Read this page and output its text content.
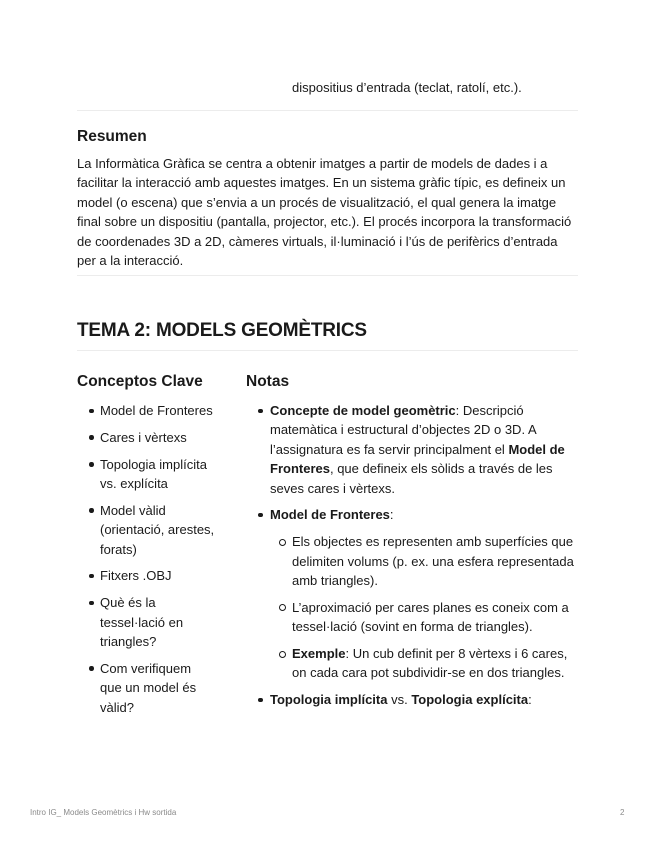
dispositius d’entrada (teclat, ratolí, etc.).
Resumen

La Informàtica Gràfica se centra a obtenir imatges a partir de models de dades i a facilitar la interacció amb aquestes imatges. En un sistema gràfic típic, es defineix un model (o escena) que s’envia a un procés de visualització, el qual genera la imatge final sobre un dispositiu (pantalla, projector, etc.). El procés incorpora la transformació de coordenades 3D a 2D, càmeres virtuals, il·luminació i l’ús de perifèrics d’entrada per a la interacció.

TEMA 2: MODELS GEOMÈTRICS
Conceptos Clave
Model de Fronteres
Cares i vèrtexs
Topologia implícita vs. explícita
Model vàlid (orientació, arestes, forats)
Fitxers .OBJ
Què és la tessel·lació en triangles?
Com verifiquem que un model és vàlid?
Notas
Concepte de model geomètric: Descripció matemàtica i estructural d’objectes 2D o 3D. A l’assignatura es fa servir principalment el Model de Fronteres, que defineix els sòlids a través de les seves cares i vèrtexs.
Model de Fronteres:
Els objectes es representen amb superfícies que delimiten volums (p. ex. una esfera representada amb triangles).
L’aproximació per cares planes es coneix com a tessel·lació (sovint en forma de triangles).
Exemple: Un cub definit per 8 vèrtexs i 6 cares, on cada cara pot subdividir-se en dos triangles.
Topologia implícita vs. Topologia explícita:
Intro IG_ Models Geomètrics i Hw sortida	2
